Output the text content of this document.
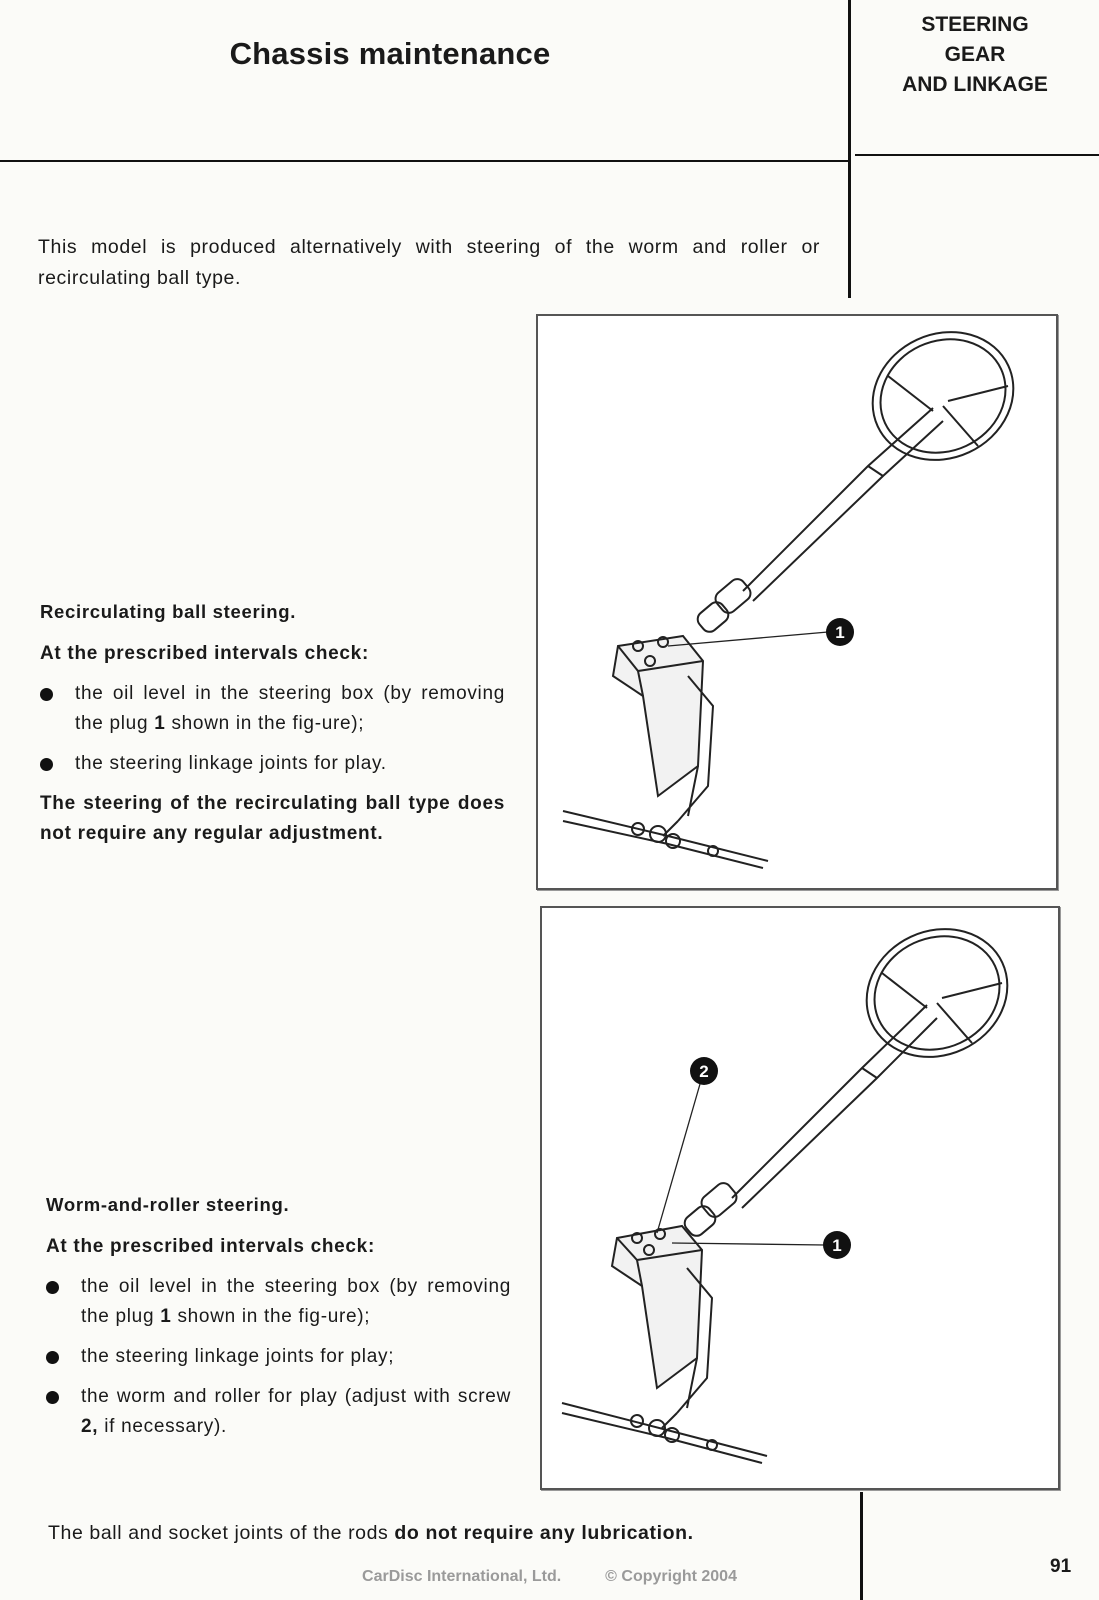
Chassis maintenance
STEERING
GEAR
AND LINKAGE
This model is produced alternatively with steering of the worm and roller or recirculating ball type.
Recirculating ball steering.
At the prescribed intervals check:
the oil level in the steering box (by removing the plug 1 shown in the fig-ure);
the steering linkage joints for play.
The steering of the recirculating ball type does not require any regular adjustment.
Worm-and-roller steering.
At the prescribed intervals check:
the oil level in the steering box (by removing the plug 1 shown in the fig-ure);
the steering linkage joints for play;
the worm and roller for play (adjust with screw 2, if necessary).
1
2
1
The ball and socket joints of the rods do not require any lubrication.
CarDisc International, Ltd.	© Copyright 2004	91
